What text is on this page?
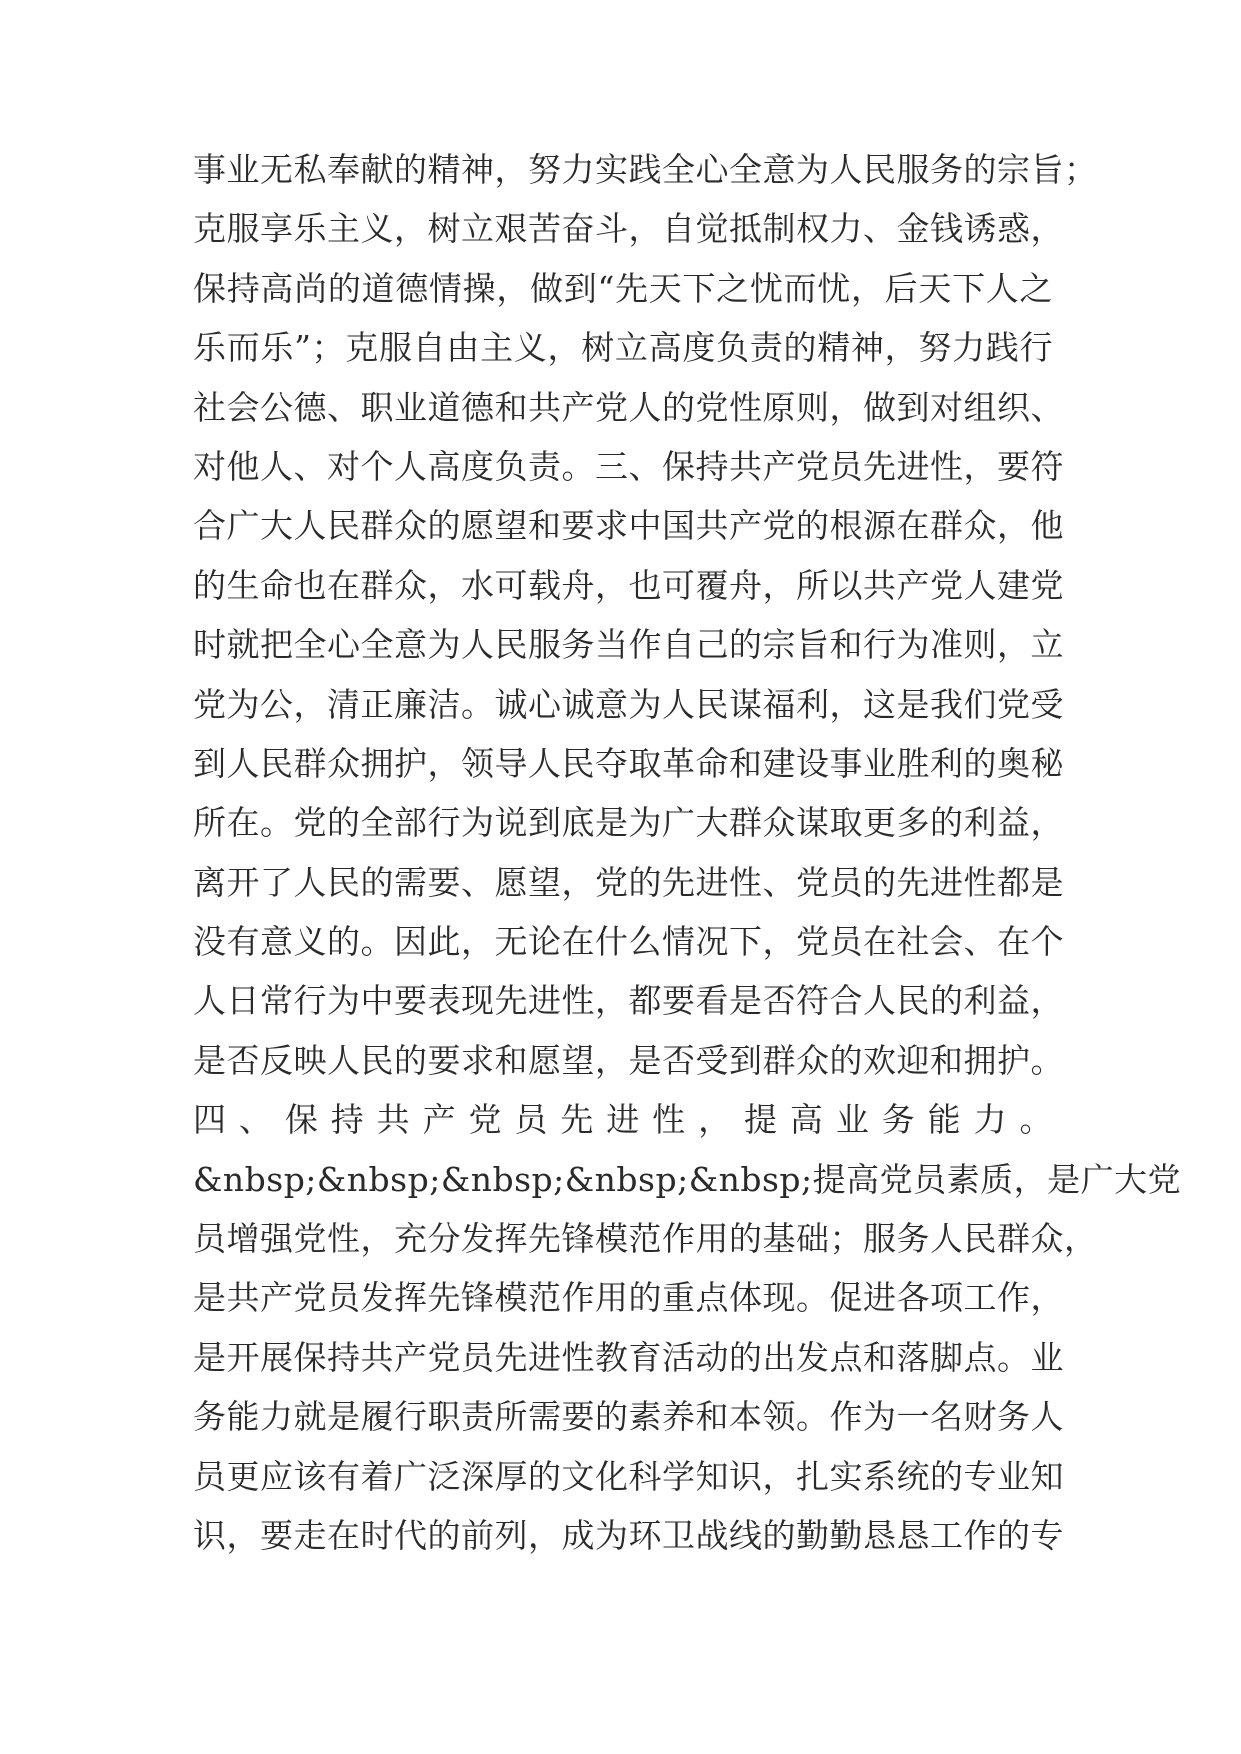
事业无私奉献的精神，努力实践全心全意为人民服务的宗旨；
克服享乐主义，树立艰苦奋斗，自觉抵制权力、金钱诱惑，
保持高尚的道德情操，做到“先天下之忧而忧，后天下人之
乐而乐”；克服自由主义，树立高度负责的精神，努力践行
社会公德、职业道德和共产党人的党性原则，做到对组织、
对他人、对个人高度负责。三、保持共产党员先进性，要符
合广大人民群众的愿望和要求中国共产党的根源在群众，他
的生命也在群众，水可载舟，也可覆舟，所以共产党人建党
时就把全心全意为人民服务当作自己的宗旨和行为准则，立
党为公，清正廉洁。诚心诚意为人民谋福利，这是我们党受
到人民群众拥护，领导人民夺取革命和建设事业胜利的奥秘
所在。党的全部行为说到底是为广大群众谋取更多的利益，
离开了人民的需要、愿望，党的先进性、党员的先进性都是
没有意义的。因此，无论在什么情况下，党员在社会、在个
人日常行为中要表现先进性，都要看是否符合人民的利益，
是否反映人民的要求和愿望，是否受到群众的欢迎和拥护。
四 、 保 持 共 产 党 员 先 进 性 ， 提 高 业 务 能 力 。
&nbsp;&nbsp;&nbsp;&nbsp;&nbsp;提高党员素质，是广大党
员增强党性，充分发挥先锋模范作用的基础；服务人民群众，
是共产党员发挥先锋模范作用的重点体现。促进各项工作，
是开展保持共产党员先进性教育活动的出发点和落脚点。业
务能力就是履行职责所需要的素养和本领。作为一名财务人
员更应该有着广泛深厚的文化科学知识，扎实系统的专业知
识，要走在时代的前列，成为环卫战线的勤勤恳恳工作的专
